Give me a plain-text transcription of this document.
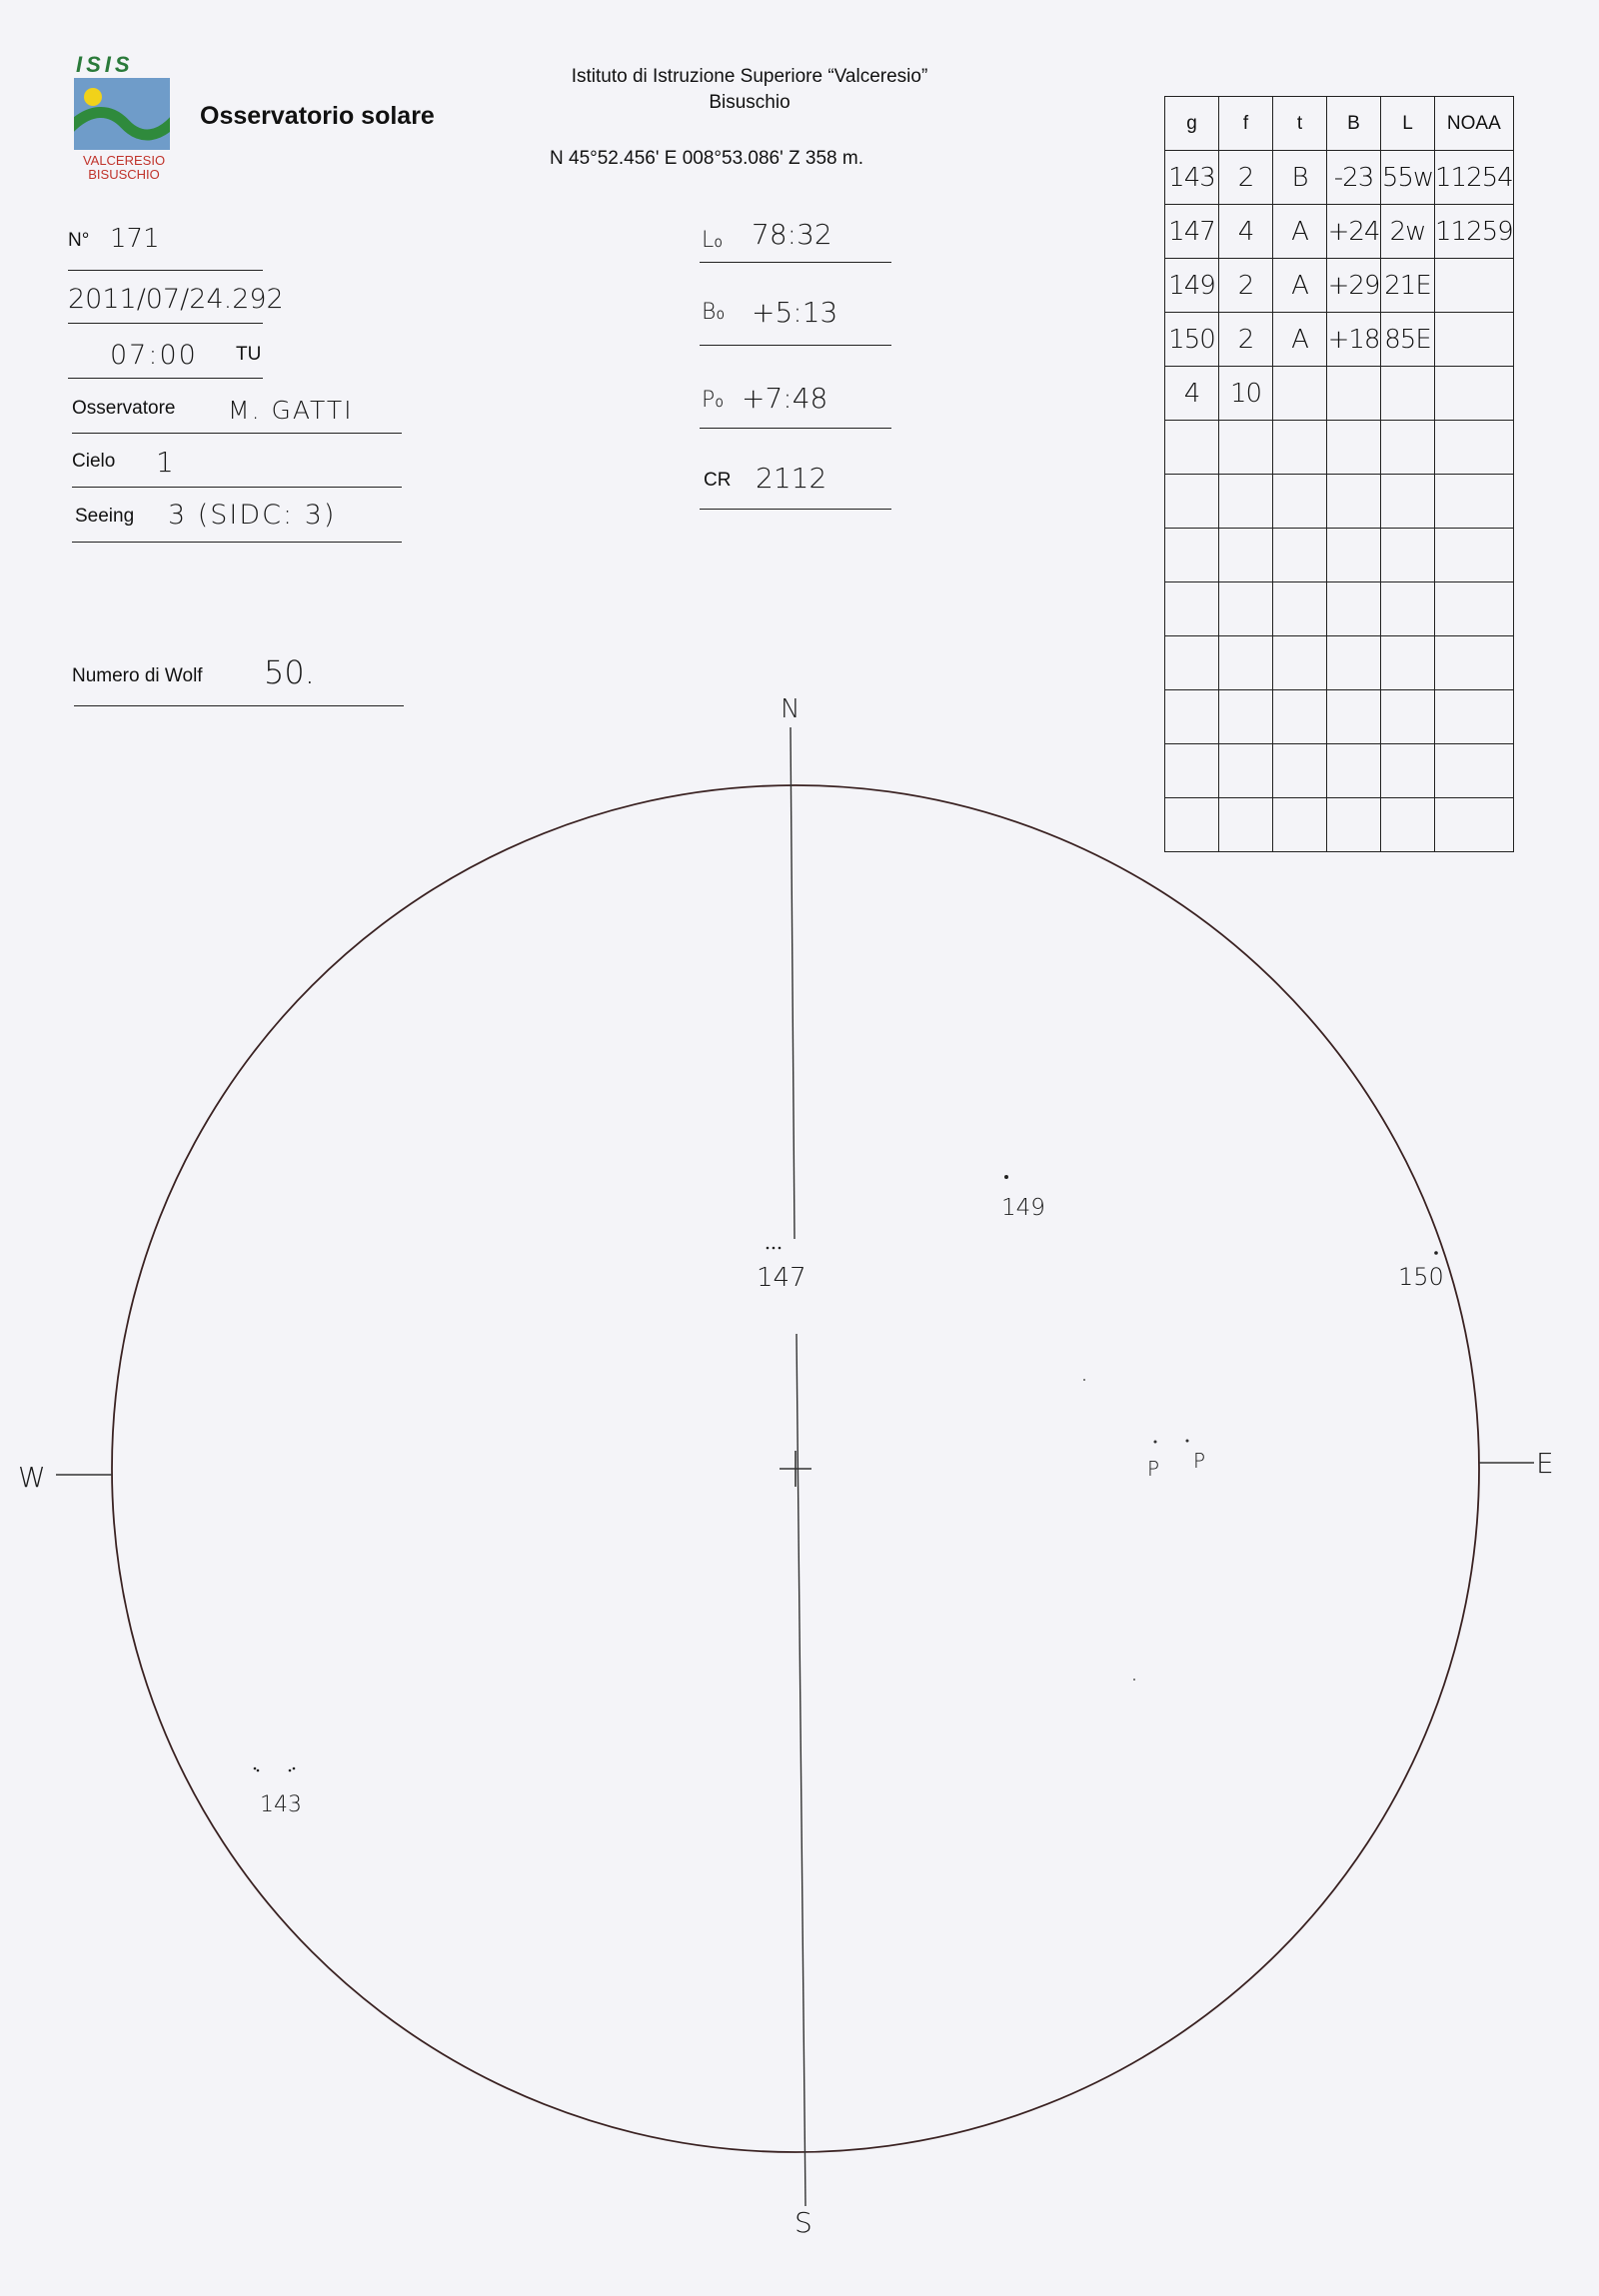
ISIS
VALCERESIO
BISUSCHIO
Osservatorio solare
Istituto di Istruzione Superiore “Valceresio”
Bisuschio
N 45°52.456' E 008°53.086' Z 358 m.
N° 171
2011/07/24.292
07:00 TU
Osservatore M. GATTI
Cielo 1
Seeing 3 (SIDC: 3)
Numero di Wolf 50.
L₀ 78:32
B₀ +5:13
P₀ +7:48
CR 2112
g	f	t	B	L	NOAA
143	2	B	-23	55w	11254
147	4	A	+24	2w	11259
149	2	A	+29	21E	
150	2	A	+18	85E	
4	10				

N
S
E
W
149
147	150
143
P P
